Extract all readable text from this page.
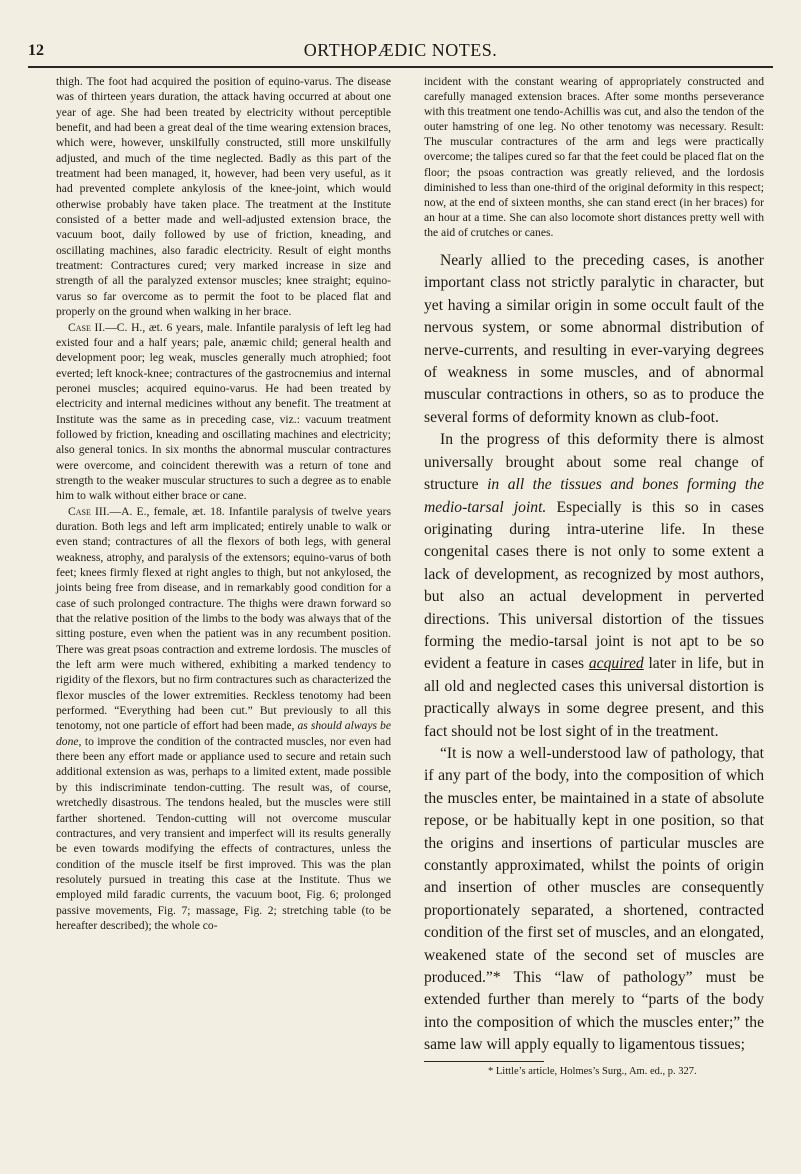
12	ORTHOPÆDIC NOTES.

thigh. The foot had acquired the position of equino-varus. The disease was of thirteen years duration, the attack having occurred at about one year of age. She had been treated by electricity without perceptible benefit, and had been a great deal of the time wearing extension braces, which were, however, unskilfully constructed, still more unskilfully adjusted, and much of the time neglected. Badly as this part of the treatment had been managed, it, however, had been very useful, as it had prevented complete ankylosis of the knee-joint, which would otherwise probably have taken place. The treatment at the Institute consisted of a better made and well-adjusted extension brace, the vacuum boot, daily followed by use of friction, kneading, and oscillating machines, also faradic electricity. Result of eight months treatment: Contractures cured; very marked increase in size and strength of all the paralyzed extensor muscles; knee straight; equino-varus so far overcome as to permit the foot to be placed flat and properly on the ground when walking in her brace.

Case II.—C. H., æt. 6 years, male. Infantile paralysis of left leg had existed four and a half years; pale, anæmic child; general health and development poor; leg weak, muscles generally much atrophied; foot everted; left knock-knee; contractures of the gastrocnemius and internal peronei muscles; acquired equino-varus. He had been treated by electricity and internal medicines without any benefit. The treatment at Institute was the same as in preceding case, viz.: vacuum treatment followed by friction, kneading and oscillating machines and electricity; also general tonics. In six months the abnormal muscular contractures were overcome, and coincident therewith was a return of tone and strength to the weaker muscular structures to such a degree as to enable him to walk without either brace or cane.

Case III.—A. E., female, æt. 18. Infantile paralysis of twelve years duration. Both legs and left arm implicated; entirely unable to walk or even stand; contractures of all the flexors of both legs, with general weakness, atrophy, and paralysis of the extensors; equino-varus of both feet; knees firmly flexed at right angles to thigh, but not ankylosed, the joints being free from disease, and in remarkably good condition for a case of such prolonged contracture. The thighs were drawn forward so that the relative position of the limbs to the body was always that of the sitting posture, even when the patient was in any recumbent position. There was great psoas contraction and extreme lordosis. The muscles of the left arm were much withered, exhibiting a marked tendency to rigidity of the flexors, but no firm contractures such as characterized the flexor muscles of the lower extremities. Reckless tenotomy had been performed. “Everything had been cut.” But previously to all this tenotomy, not one particle of effort had been made, as should always be done, to improve the condition of the contracted muscles, nor even had there been any effort made or appliance used to secure and retain such additional extension as was, perhaps to a limited extent, made possible by this indiscriminate tendon-cutting. The result was, of course, wretchedly disastrous. The tendons healed, but the muscles were still farther shortened. Tendon-cutting will not overcome muscular contractures, and very transient and imperfect will its results generally be even towards modifying the effects of contractures, unless the condition of the muscle itself be first improved. This was the plan resolutely pursued in treating this case at the Institute. Thus we employed mild faradic currents, the vacuum boot, Fig. 6; prolonged passive movements, Fig. 7; massage, Fig. 2; stretching table (to be hereafter described); the whole co-

incident with the constant wearing of appropriately constructed and carefully managed extension braces. After some months perseverance with this treatment one tendo-Achillis was cut, and also the tendon of the outer hamstring of one leg. No other tenotomy was necessary. Result: The muscular contractures of the arm and legs were practically overcome; the talipes cured so far that the feet could be placed flat on the floor; the psoas contraction was greatly relieved, and the lordosis diminished to less than one-third of the original deformity in this respect; now, at the end of sixteen months, she can stand erect (in her braces) for an hour at a time. She can also locomote short distances pretty well with the aid of crutches or canes.

Nearly allied to the preceding cases, is another important class not strictly paralytic in character, but yet having a similar origin in some occult fault of the nervous system, or some abnormal distribution of nerve-currents, and resulting in ever-varying degrees of weakness in some muscles, and of abnormal muscular contractions in others, so as to produce the several forms of deformity known as club-foot.

In the progress of this deformity there is almost universally brought about some real change of structure in all the tissues and bones forming the medio-tarsal joint. Especially is this so in cases originating during intra-uterine life. In these congenital cases there is not only to some extent a lack of development, as recognized by most authors, but also an actual development in perverted directions. This universal distortion of the tissues forming the medio-tarsal joint is not apt to be so evident a feature in cases acquired later in life, but in all old and neglected cases this universal distortion is practically always in some degree present, and this fact should not be lost sight of in the treatment.

“It is now a well-understood law of pathology, that if any part of the body, into the composition of which the muscles enter, be maintained in a state of absolute repose, or be habitually kept in one position, so that the origins and insertions of particular muscles are constantly approximated, whilst the points of origin and insertion of other muscles are consequently proportionately separated, a shortened, contracted condition of the first set of muscles, and an elongated, weakened state of the second set of muscles are produced.”* This “law of pathology” must be extended further than merely to “parts of the body into the composition of which the muscles enter;” the same law will apply equally to ligamentous tissues;

* Little’s article, Holmes’s Surg., Am. ed., p. 327.
